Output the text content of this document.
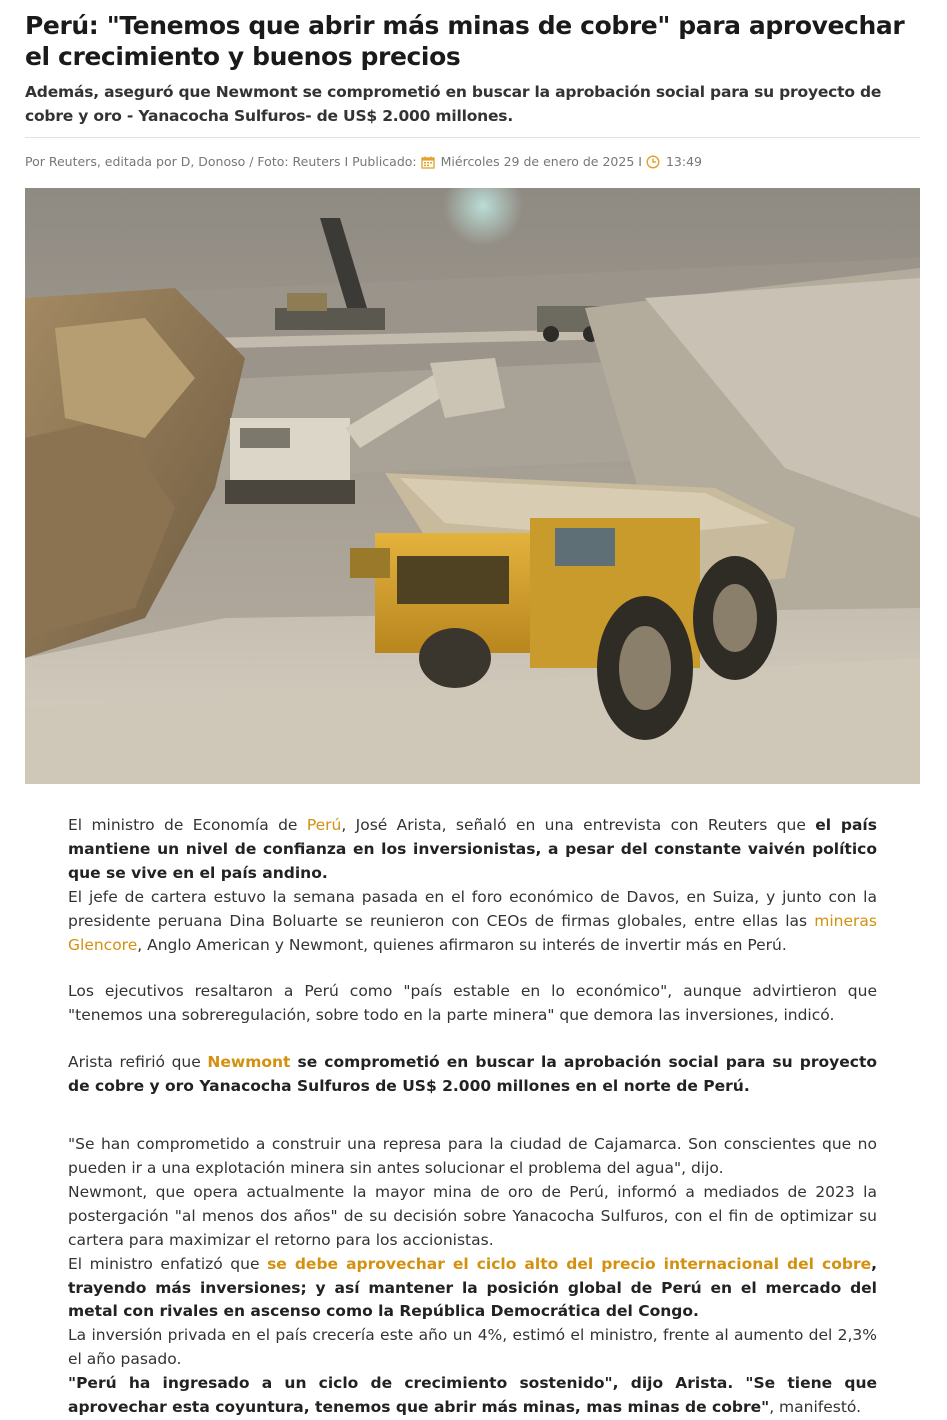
Perú: "Tenemos que abrir más minas de cobre" para aprovechar el crecimiento y buenos precios
Además, aseguró que Newmont se comprometió en buscar la aprobación social para su proyecto de cobre y oro - Yanacocha Sulfuros- de US$ 2.000 millones.
Por Reuters, editada por D, Donoso / Foto: Reuters I Publicado: Miércoles 29 de enero de 2025 I 13:49

El ministro de Economía de Perú, José Arista, señaló en una entrevista con Reuters que el país mantiene un nivel de confianza en los inversionistas, a pesar del constante vaivén político que se vive en el país andino.

El jefe de cartera estuvo la semana pasada en el foro económico de Davos, en Suiza, y junto con la presidente peruana Dina Boluarte se reunieron con CEOs de firmas globales, entre ellas las mineras Glencore, Anglo American y Newmont, quienes afirmaron su interés de invertir más en Perú.

Los ejecutivos resaltaron a Perú como "país estable en lo económico", aunque advirtieron que "tenemos una sobreregulación, sobre todo en la parte minera" que demora las inversiones, indicó.

Arista refirió que Newmont se comprometió en buscar la aprobación social para su proyecto de cobre y oro Yanacocha Sulfuros de US$ 2.000 millones en el norte de Perú.

"Se han comprometido a construir una represa para la ciudad de Cajamarca. Son conscientes que no pueden ir a una explotación minera sin antes solucionar el problema del agua", dijo.

Newmont, que opera actualmente la mayor mina de oro de Perú, informó a mediados de 2023 la postergación "al menos dos años" de su decisión sobre Yanacocha Sulfuros, con el fin de optimizar su cartera para maximizar el retorno para los accionistas.

El ministro enfatizó que se debe aprovechar el ciclo alto del precio internacional del cobre, trayendo más inversiones; y así mantener la posición global de Perú en el mercado del metal con rivales en ascenso como la República Democrática del Congo.

La inversión privada en el país crecería este año un 4%, estimó el ministro, frente al aumento del 2,3% el año pasado.

"Perú ha ingresado a un ciclo de crecimiento sostenido", dijo Arista. "Se tiene que aprovechar esta coyuntura, tenemos que abrir más minas, mas minas de cobre", manifestó.
